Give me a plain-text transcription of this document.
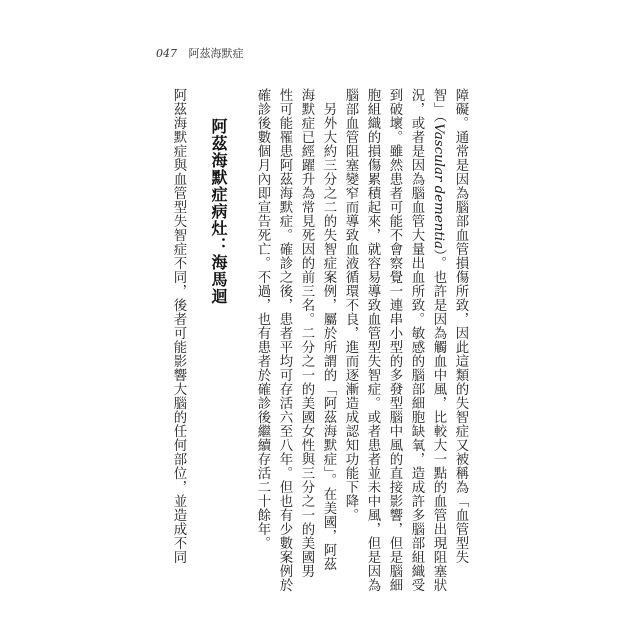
047 阿茲海默症
障礙。通常是因為腦部血管損傷所致，因此這類的失智症又被稱為「血管型失
智」（Vascular dementia）。也許是因為觸血中風，比較大一點的血管出現阻塞狀
況，或者是因為腦血管大量出血所致。敏感的腦部細胞缺氧，造成許多腦部組織受
到破壞。雖然患者可能不會察覺一連串小型的多發型腦中風的直接影響，但是腦細
胞組織的損傷累積起來，就容易導致血管型失智症。或者患者並未中風，但是因為
腦部血管阻塞變窄而導致血液循環不良，進而逐漸造成認知功能下降。
　另外大約三分之二的失智症案例，屬於所謂的「阿茲海默症」。在美國，阿茲
海默症已經躍升為常見死因的前三名。二分之一的美國女性與三分之一的美國男
性可能罹患阿茲海默症。確診之後，患者平均可存活六至八年。但也有少數案例於
確診後數個月內即宣告死亡。不過，也有患者於確診後繼續存活二十餘年。
阿茲海默症病灶：海馬迴
阿茲海默症與血管型失智症不同，後者可能影響大腦的任何部位，並造成不同
